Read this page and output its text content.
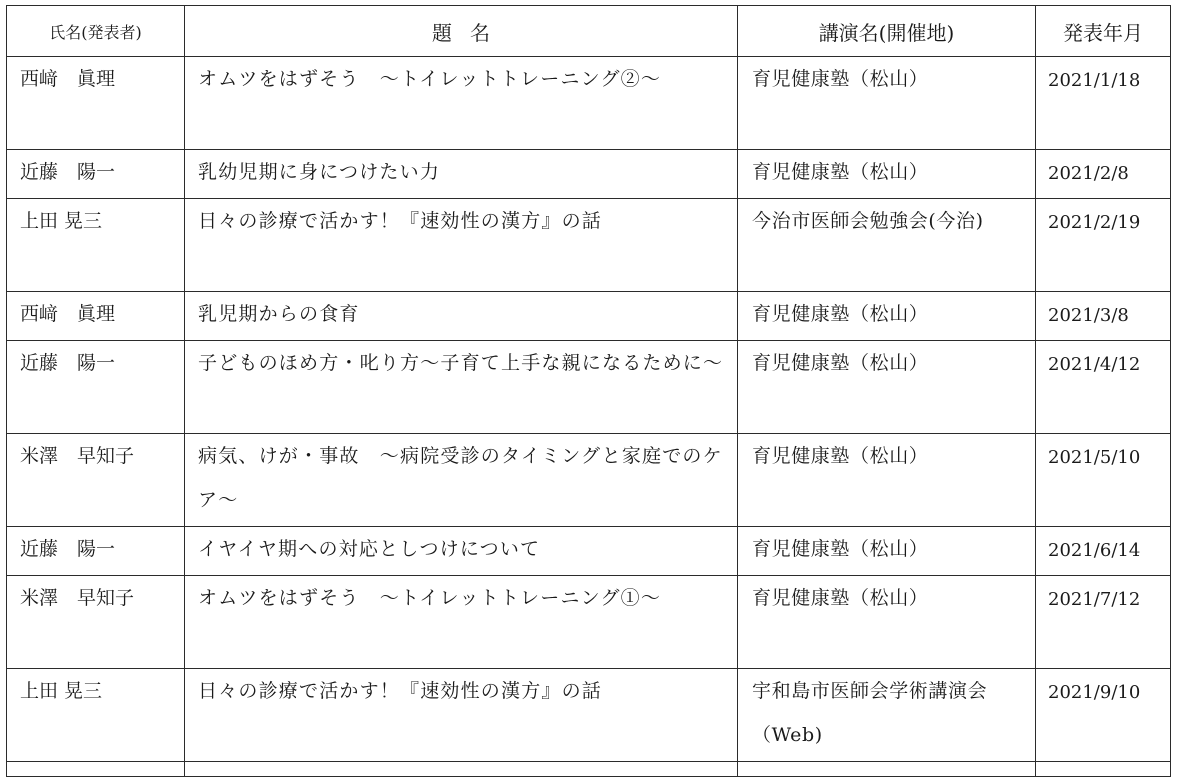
氏名(発表者)	題名	講演名(開催地)	発表年月
西﨑　眞理	オムツをはずそう　～トイレットトレーニング②～	育児健康塾（松山）	2021/1/18
近藤　陽一	乳幼児期に身につけたい力	育児健康塾（松山）	2021/2/8
上田 晃三	日々の診療で活かす！『速効性の漢方』の話	今治市医師会勉強会(今治)	2021/2/19
西﨑　眞理	乳児期からの食育	育児健康塾（松山）	2021/3/8
近藤　陽一	子どものほめ方・叱り方～子育て上手な親になるために～	育児健康塾（松山）	2021/4/12
米澤　早知子	病気、けが・事故　～病院受診のタイミングと家庭でのケア～	育児健康塾（松山）	2021/5/10
近藤　陽一	イヤイヤ期への対応としつけについて	育児健康塾（松山）	2021/6/14
米澤　早知子	オムツをはずそう　～トイレットトレーニング①～	育児健康塾（松山）	2021/7/12
上田 晃三	日々の診療で活かす！『速効性の漢方』の話	宇和島市医師会学術講演会（Web)	2021/9/10
